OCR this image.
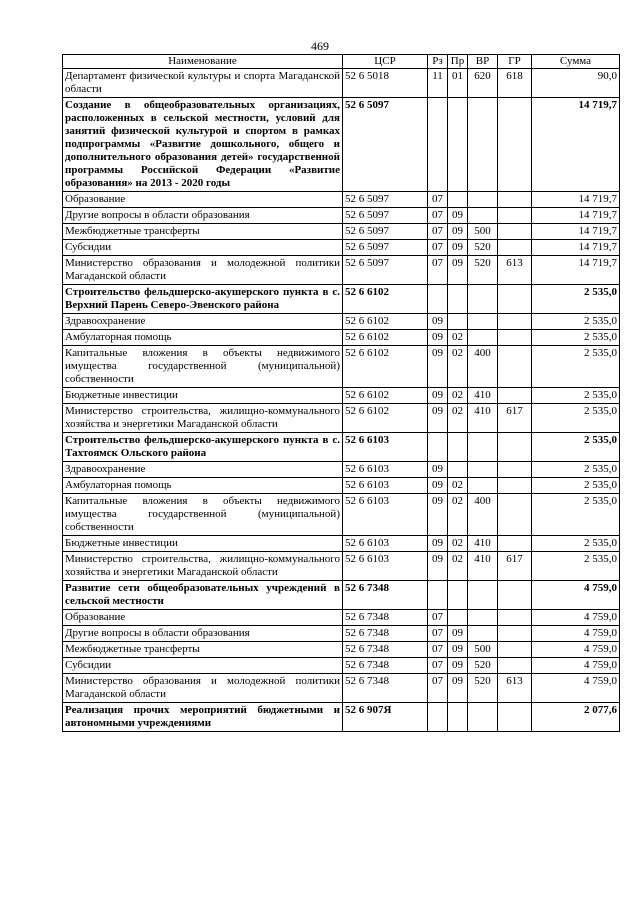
469
Наименование	ЦСР	Рз	Пр	ВР	ГР	Сумма
Департамент физической культуры и спорта Магаданской области	52 6 5018	11	01	620	618	90,0
Создание в общеобразовательных организациях, расположенных в сельской местности, условий для занятий физической культурой и спортом в рамках подпрограммы «Развитие дошкольного, общего и дополнительного образования детей» государственной программы Российской Федерации «Развитие образования» на 2013 - 2020 годы	52 6 5097					14 719,7
Образование	52 6 5097	07				14 719,7
Другие вопросы в области образования	52 6 5097	07	09			14 719,7
Межбюджетные трансферты	52 6 5097	07	09	500		14 719,7
Субсидии	52 6 5097	07	09	520		14 719,7
Министерство образования и молодежной политики Магаданской области	52 6 5097	07	09	520	613	14 719,7
Строительство фельдшерско-акушерского пункта в с. Верхний Парень Северо-Эвенского района	52 6 6102					2 535,0
Здравоохранение	52 6 6102	09				2 535,0
Амбулаторная помощь	52 6 6102	09	02			2 535,0
Капитальные вложения в объекты недвижимого имущества государственной (муниципальной) собственности	52 6 6102	09	02	400		2 535,0
Бюджетные инвестиции	52 6 6102	09	02	410		2 535,0
Министерство строительства, жилищно-коммунального хозяйства и энергетики Магаданской области	52 6 6102	09	02	410	617	2 535,0
Строительство фельдшерско-акушерского пункта в с. Тахтоямск Ольского района	52 6 6103					2 535,0
Здравоохранение	52 6 6103	09				2 535,0
Амбулаторная помощь	52 6 6103	09	02			2 535,0
Капитальные вложения в объекты недвижимого имущества государственной (муниципальной) собственности	52 6 6103	09	02	400		2 535,0
Бюджетные инвестиции	52 6 6103	09	02	410		2 535,0
Министерство строительства, жилищно-коммунального хозяйства и энергетики Магаданской области	52 6 6103	09	02	410	617	2 535,0
Развитие сети общеобразовательных учреждений в сельской местности	52 6 7348					4 759,0
Образование	52 6 7348	07				4 759,0
Другие вопросы в области образования	52 6 7348	07	09			4 759,0
Межбюджетные трансферты	52 6 7348	07	09	500		4 759,0
Субсидии	52 6 7348	07	09	520		4 759,0
Министерство образования и молодежной политики Магаданской области	52 6 7348	07	09	520	613	4 759,0
Реализация прочих мероприятий бюджетными и автономными учреждениями	52 6 907Я					2 077,6
